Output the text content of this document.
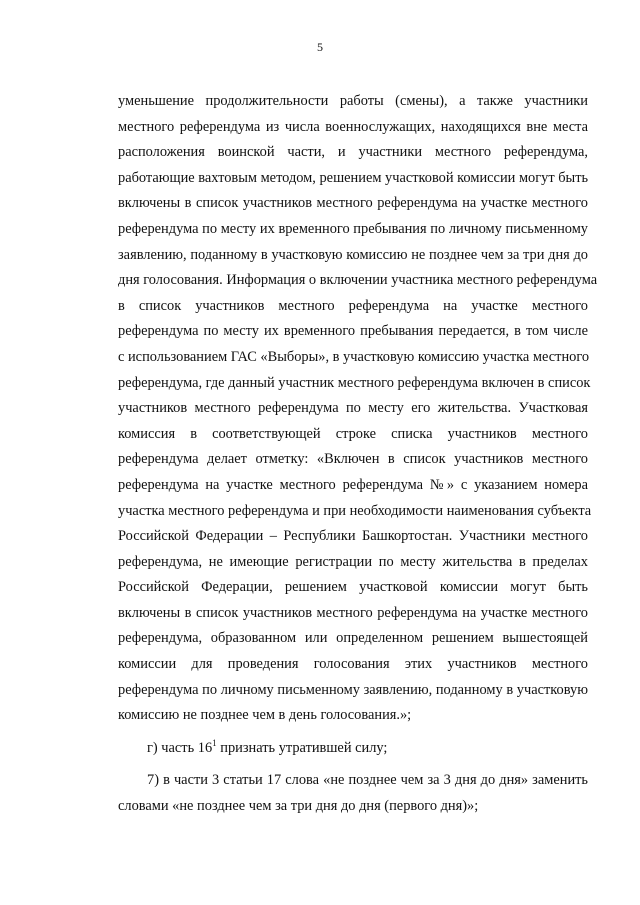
5
уменьшение продолжительности работы (смены), а также участники
местного референдума из числа военнослужащих, находящихся вне места
расположения воинской части, и участники местного референдума,
работающие вахтовым методом, решением участковой комиссии могут быть
включены в список участников местного референдума на участке местного
референдума по месту их временного пребывания по личному письменному
заявлению, поданному в участковую комиссию не позднее чем за три дня до
дня голосования. Информация о включении участника местного референдума
в список участников местного референдума на участке местного
референдума по месту их временного пребывания передается, в том числе
с использованием ГАС «Выборы», в участковую комиссию участка местного
референдума, где данный участник местного референдума включен в список
участников местного референдума по месту его жительства. Участковая
комиссия в соответствующей строке списка участников местного
референдума делает отметку: «Включен в список участников местного
референдума на участке местного референдума №» с указанием номера
участка местного референдума и при необходимости наименования субъекта
Российской Федерации – Республики Башкортостан. Участники местного
референдума, не имеющие регистрации по месту жительства в пределах
Российской Федерации, решением участковой комиссии могут быть
включены в список участников местного референдума на участке местного
референдума, образованном или определенном решением вышестоящей
комиссии для проведения голосования этих участников местного
референдума по личному письменному заявлению, поданному в участковую
комиссию не позднее чем в день голосования.»;
г) часть $16^1$ признать утратившей силу;
7) в части 3 статьи 17 слова «не позднее чем за 3 дня до дня» заменить
словами «не позднее чем за три дня до дня (первого дня)»;
